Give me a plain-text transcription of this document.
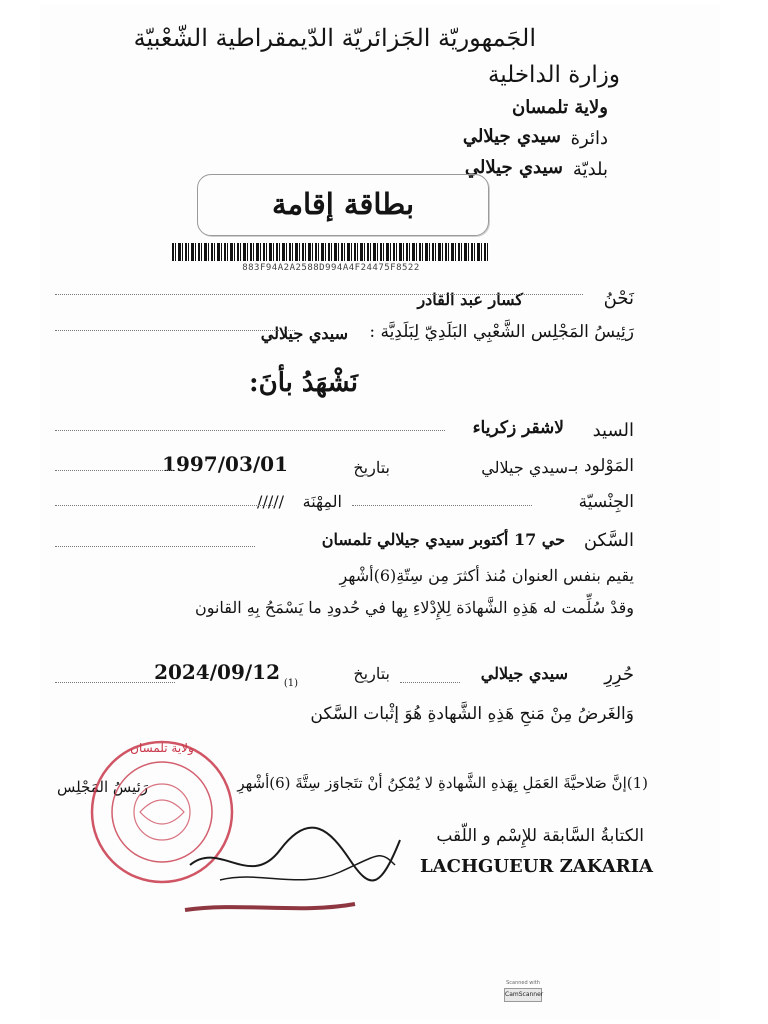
الجَمهوريّة الجَزائريّة الدّيمقراطية الشّعْبيّة
وزارة الداخلية
ولاية تلمسان
دائرة
سيدي جيلالي
بلديّة
سيدي جيلالي
بطاقة إقامة
883F94A2A2588D994A4F24475F8522
نَحْنُ
كسار عبد القادر
رَئِيسُ المَجْلِس الشَّعْبِي البَلَدِيّ لِبَلَدِيَّة :
سيدي جيلالي
نَشْهَدُ بأنَ:
السيد
لاشقر زكرياء
المَوْلود بـ
سيدي جيلالي
بتاريخ
1997/03/01
الجِنْسيّة
المِهْنَة
/////
السَّكن
حي 17 أكتوبر سيدي جيلالي تلمسان
يقيم بنفس العنوان مُنذ أكثرَ مِن سِتّةِ(6)أشْهرِ
وقدْ سُلِّمت له هَذِهِ الشَّهادَة لِلإِدْلاءِ بِها في حُدودِ ما يَسْمَحُ بِهِ القانون
حُرِرِ
سيدي جيلالي
بتاريخ
(1)
2024/09/12
وَالغَرضُ مِنْ مَنحِ هَذِهِ الشَّهادةِ هُوَ إثْبات السَّكن
(1)إنَّ صَلاحيَّةَ العَمَلِ بِهَذهِ الشَّهادةِ لا يُمْكِنُ أنْ تتَجاوَز سِتَّةَ (6)أشْهرِ
رَئيسُ المَجْلِس
ولاية تلمسان
الكتابةُ السَّابقة للإِسْم و اللّقب
LACHGUEUR ZAKARIA
Scanned with
CamScanner
